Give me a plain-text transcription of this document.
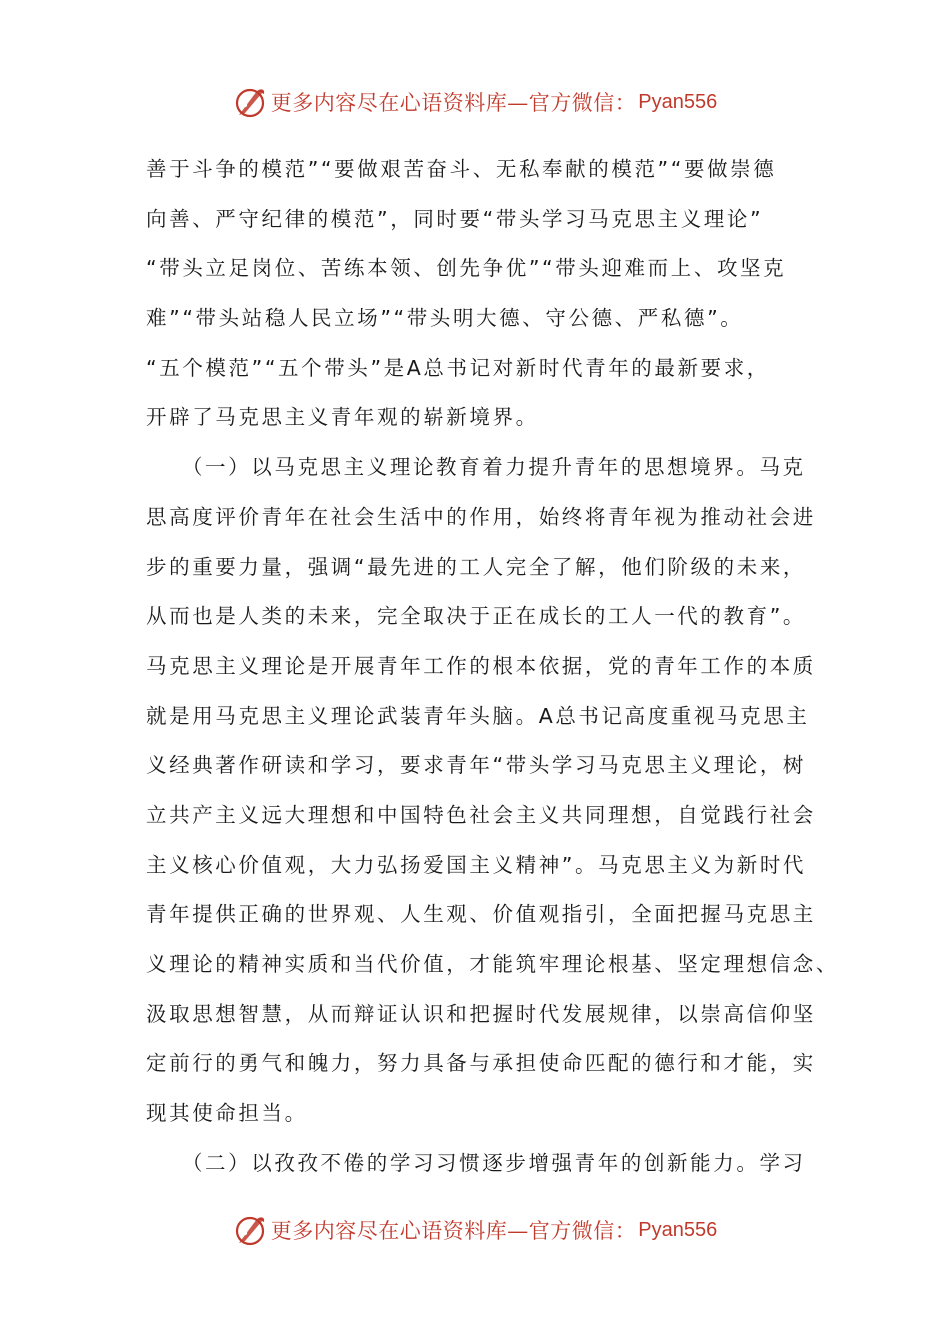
更多内容尽在心语资料库—官方微信： Pyan556
善于斗争的模范”“要做艰苦奋斗、无私奉献的模范”“要做崇德
向善、严守纪律的模范”，同时要“带头学习马克思主义理论”
“带头立足岗位、苦练本领、创先争优”“带头迎难而上、攻坚克
难”“带头站稳人民立场”“带头明大德、守公德、严私德”。
“五个模范”“五个带头”是A总书记对新时代青年的最新要求，
开辟了马克思主义青年观的崭新境界。
　　（一）以马克思主义理论教育着力提升青年的思想境界。马克
思高度评价青年在社会生活中的作用，始终将青年视为推动社会进
步的重要力量，强调“最先进的工人完全了解，他们阶级的未来，
从而也是人类的未来，完全取决于正在成长的工人一代的教育”。
马克思主义理论是开展青年工作的根本依据，党的青年工作的本质
就是用马克思主义理论武装青年头脑。A总书记高度重视马克思主
义经典著作研读和学习，要求青年“带头学习马克思主义理论，树
立共产主义远大理想和中国特色社会主义共同理想，自觉践行社会
主义核心价值观，大力弘扬爱国主义精神”。马克思主义为新时代
青年提供正确的世界观、人生观、价值观指引，全面把握马克思主
义理论的精神实质和当代价值，才能筑牢理论根基、坚定理想信念、
汲取思想智慧，从而辩证认识和把握时代发展规律，以崇高信仰坚
定前行的勇气和魄力，努力具备与承担使命匹配的德行和才能，实
现其使命担当。
　　（二）以孜孜不倦的学习习惯逐步增强青年的创新能力。学习
更多内容尽在心语资料库—官方微信： Pyan556
